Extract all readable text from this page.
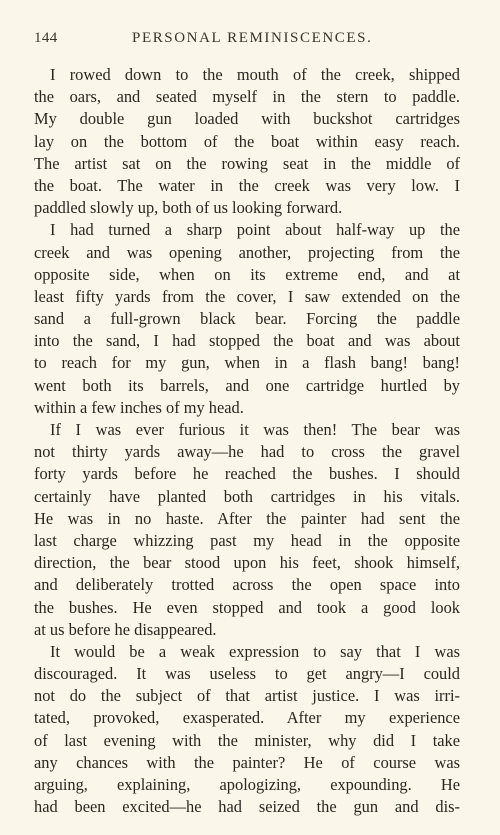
144	PERSONAL REMINISCENCES.
I rowed down to the mouth of the creek, shipped
the oars, and seated myself in the stern to paddle.
My double gun loaded with buckshot cartridges
lay on the bottom of the boat within easy reach.
The artist sat on the rowing seat in the middle of
the boat. The water in the creek was very low. I
paddled slowly up, both of us looking forward.
I had turned a sharp point about half-way up the
creek and was opening another, projecting from the
opposite side, when on its extreme end, and at
least fifty yards from the cover, I saw extended on the
sand a full-grown black bear. Forcing the paddle
into the sand, I had stopped the boat and was about
to reach for my gun, when in a flash bang! bang!
went both its barrels, and one cartridge hurtled by
within a few inches of my head.
If I was ever furious it was then! The bear was
not thirty yards away—he had to cross the gravel
forty yards before he reached the bushes. I should
certainly have planted both cartridges in his vitals.
He was in no haste. After the painter had sent the
last charge whizzing past my head in the opposite
direction, the bear stood upon his feet, shook himself,
and deliberately trotted across the open space into
the bushes. He even stopped and took a good look
at us before he disappeared.
It would be a weak expression to say that I was
discouraged. It was useless to get angry—I could
not do the subject of that artist justice. I was irri-
tated, provoked, exasperated. After my experience
of last evening with the minister, why did I take
any chances with the painter? He of course was
arguing, explaining, apologizing, expounding. He
had been excited—he had seized the gun and dis-
